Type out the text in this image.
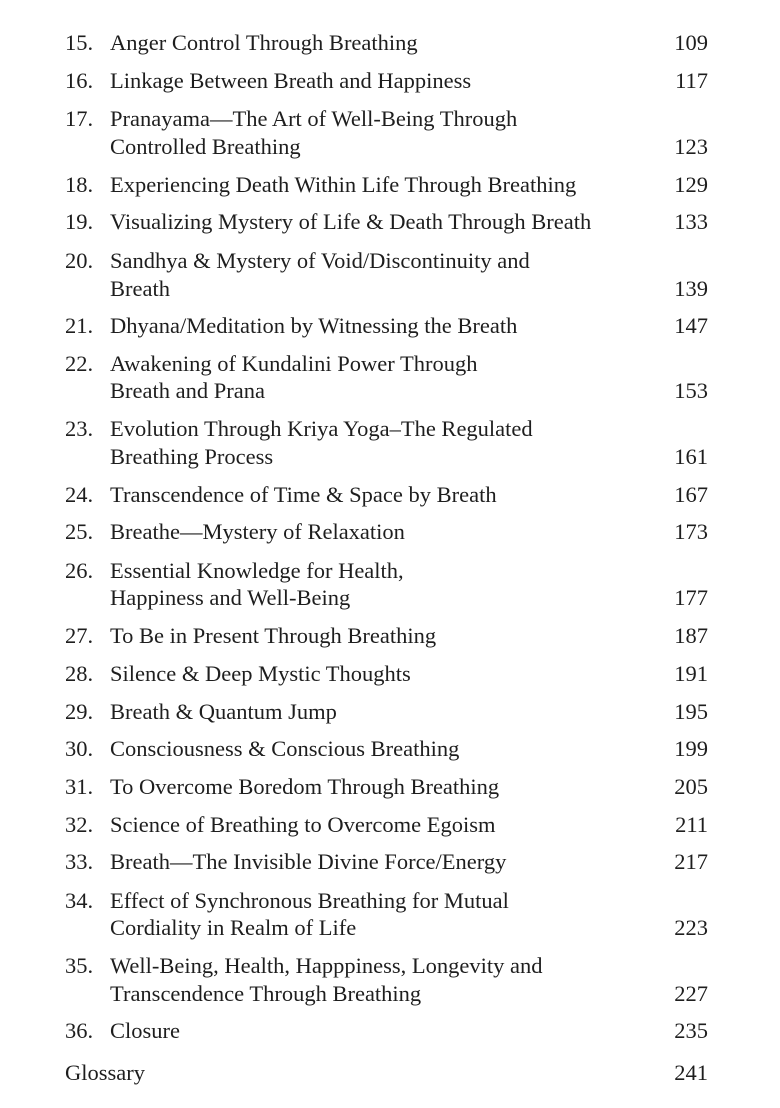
15. Anger Control Through Breathing	109
16. Linkage Between Breath and Happiness	117
17. Pranayama—The Art of Well-Being Through
Controlled Breathing	123
18. Experiencing Death Within Life Through Breathing	129
19. Visualizing Mystery of Life & Death Through Breath	133
20. Sandhya & Mystery of Void/Discontinuity and
Breath	139
21. Dhyana/Meditation by Witnessing the Breath	147
22. Awakening of Kundalini Power Through
Breath and Prana	153
23. Evolution Through Kriya Yoga–The Regulated
Breathing Process	161
24. Transcendence of Time & Space by Breath	167
25. Breathe—Mystery of Relaxation	173
26. Essential Knowledge for Health,
Happiness and Well-Being	177
27. To Be in Present Through Breathing	187
28. Silence & Deep Mystic Thoughts	191
29. Breath & Quantum Jump	195
30. Consciousness & Conscious Breathing	199
31. To Overcome Boredom Through Breathing	205
32. Science of Breathing to Overcome Egoism	211
33. Breath—The Invisible Divine Force/Energy	217
34. Effect of Synchronous Breathing for Mutual
Cordiality in Realm of Life	223
35. Well-Being, Health, Happpiness, Longevity and
Transcendence Through Breathing	227
36. Closure	235
Glossary	241
